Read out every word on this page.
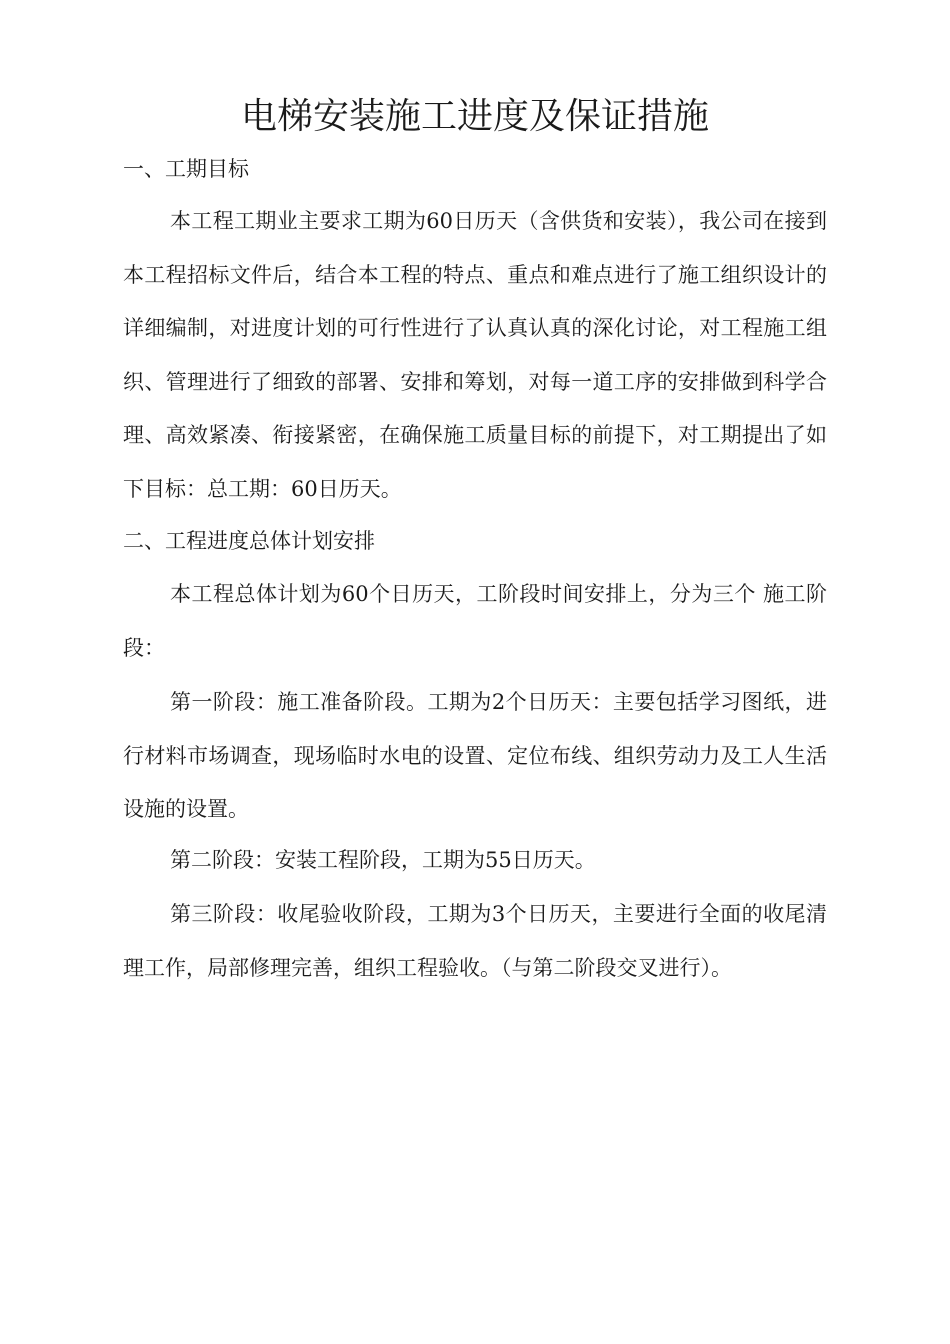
电梯安装施工进度及保证措施
一、工期目标

本工程工期业主要求工期为60日历天（含供货和安装），我公司在接到本工程招标文件后，结合本工程的特点、重点和难点进行了施工组织设计的详细编制，对进度计划的可行性进行了认真认真的深化讨论，对工程施工组织、管理进行了细致的部署、安排和筹划，对每一道工序的安排做到科学合理、高效紧凑、衔接紧密，在确保施工质量目标的前提下，对工期提出了如下目标：总工期：60日历天。

二、工程进度总体计划安排

本工程总体计划为60个日历天，工阶段时间安排上，分为三个 施工阶段：

第一阶段：施工准备阶段。工期为2个日历天：主要包括学习图纸，进行材料市场调查，现场临时水电的设置、定位布线、组织劳动力及工人生活设施的设置。

第二阶段：安装工程阶段，工期为55日历天。

第三阶段：收尾验收阶段，工期为3个日历天，主要进行全面的收尾清理工作，局部修理完善，组织工程验收。（与第二阶段交叉进行）。
